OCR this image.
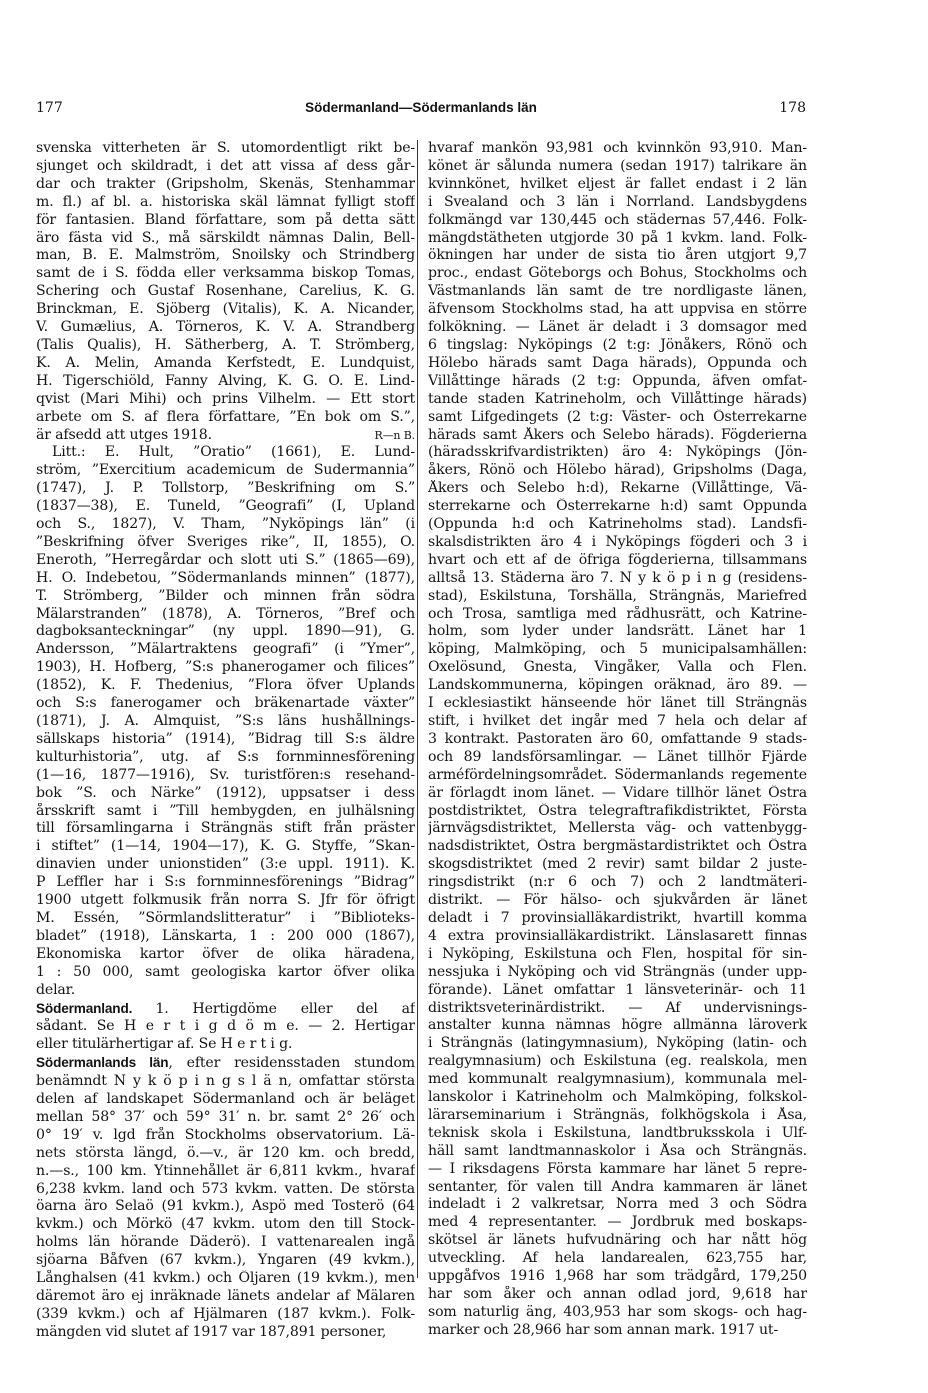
177	Södermanland—Södermanlands län	178
svenska vitterheten är S. utomordentligt rikt be-
sjunget och skildradt, i det att vissa af dess går-
dar och trakter (Gripsholm, Skenäs, Stenhammar
m. fl.) af bl. a. historiska skäl lämnat fylligt stoff
för fantasien. Bland författare, som på detta sätt
äro fästa vid S., må särskildt nämnas Dalin, Bell-
man, B. E. Malmström, Snoilsky och Strindberg
samt de i S. födda eller verksamma biskop Tomas,
Schering och Gustaf Rosenhane, Carelius, K. G.
Brinckman, E. Sjöberg (Vitalis), K. A. Nicander,
V. Gumælius, A. Törneros, K. V. A. Strandberg
(Talis Qualis), H. Sätherberg, A. T. Strömberg,
K. A. Melin, Amanda Kerfstedt, E. Lundquist,
H. Tigerschiöld, Fanny Alving, K. G. O. E. Lind-
qvist (Mari Mihi) och prins Vilhelm. — Ett stort
arbete om S. af flera författare, ”En bok om S.”,
R—n B.
är afsedd att utges 1918.
Litt.: E. Hult, ”Oratio” (1661), E. Lund-
ström, ”Exercitium academicum de Sudermannia”
(1747), J. P. Tollstorp, ”Beskrifning om S.”
(1837—38), E. Tuneld, ”Geografi” (I, Upland
och S., 1827), V. Tham, ”Nyköpings län” (i
”Beskrifning öfver Sveriges rike”, II, 1855), O.
Eneroth, ”Herregårdar och slott uti S.” (1865—69),
H. O. Indebetou, ”Södermanlands minnen” (1877),
T. Strömberg, ”Bilder och minnen från södra
Mälarstranden” (1878), A. Törneros, ”Bref och
dagboksanteckningar” (ny uppl. 1890—91), G.
Andersson, ”Mälartraktens geografi” (i ”Ymer”,
1903), H. Hofberg, ”S:s phanerogamer och filices”
(1852), K. F. Thedenius, ”Flora öfver Uplands
och S:s fanerogamer och bräkenartade växter”
(1871), J. A. Almquist, ”S:s läns hushållnings-
sällskaps historia” (1914), ”Bidrag till S:s äldre
kulturhistoria”, utg. af S:s fornminnesförening
(1—16, 1877—1916), Sv. turistfören:s resehand-
bok ”S. och Närke” (1912), uppsatser i dess
årsskrift samt i ”Till hembygden, en julhälsning
till församlingarna i Strängnäs stift från präster
i stiftet” (1—14, 1904—17), K. G. Styffe, ”Skan-
dinavien under unionstiden” (3:e uppl. 1911). K.
P Leffler har i S:s fornminnesförenings ”Bidrag”
1900 utgett folkmusik från norra S. Jfr för öfrigt
M. Essén, ”Sörmlandslitteratur” i ”Biblioteks-
bladet” (1918), Länskarta, 1 : 200 000 (1867),
Ekonomiska kartor öfver de olika häradena,
1 : 50 000, samt geologiska kartor öfver olika
delar.
Södermanland. 1. Hertigdöme eller del af
sådant. Se H e r t i g d ö m e. — 2. Hertigar
eller titulärhertigar af. Se H e r t i g.
Södermanlands län, efter residensstaden stundom
benämndt N y k ö p i n g s l ä n, omfattar största
delen af landskapet Södermanland och är beläget
mellan 58° 37′ och 59° 31′ n. br. samt 2° 26′ och
0° 19′ v. lgd från Stockholms observatorium. Lä-
nets största längd, ö.—v., är 120 km. och bredd,
n.—s., 100 km. Ytinnehållet är 6,811 kvkm., hvaraf
6,238 kvkm. land och 573 kvkm. vatten. De största
öarna äro Selaö (91 kvkm.), Aspö med Tosterö (64
kvkm.) och Mörkö (47 kvkm. utom den till Stock-
holms län hörande Däderö). I vattenarealen ingå
sjöarna Båfven (67 kvkm.), Yngaren (49 kvkm.),
Långhalsen (41 kvkm.) och Öljaren (19 kvkm.), men
däremot äro ej inräknade länets andelar af Mälaren
(339 kvkm.) och af Hjälmaren (187 kvkm.). Folk-
mängden vid slutet af 1917 var 187,891 personer,
hvaraf mankön 93,981 och kvinnkön 93,910. Man-
könet är sålunda numera (sedan 1917) talrikare än
kvinnkönet, hvilket eljest är fallet endast i 2 län
i Svealand och 3 län i Norrland. Landsbygdens
folkmängd var 130,445 och städernas 57,446. Folk-
mängdstätheten utgjorde 30 på 1 kvkm. land. Folk-
ökningen har under de sista tio åren utgjort 9,7
proc., endast Göteborgs och Bohus, Stockholms och
Västmanlands län samt de tre nordligaste länen,
äfvensom Stockholms stad, ha att uppvisa en större
folkökning. — Länet är deladt i 3 domsagor med
6 tingslag: Nyköpings (2 t:g: Jönåkers, Rönö och
Hölebo härads samt Daga härads), Oppunda och
Villåttinge härads (2 t:g: Oppunda, äfven omfat-
tande staden Katrineholm, och Villåttinge härads)
samt Lifgedingets (2 t:g: Väster- och Österrekarne
härads samt Åkers och Selebo härads). Fögderierna
(häradsskrifvardistrikten) äro 4: Nyköpings (Jön-
åkers, Rönö och Hölebo härad), Gripsholms (Daga,
Åkers och Selebo h:d), Rekarne (Villåttinge, Vä-
sterrekarne och Österrekarne h:d) samt Oppunda
(Oppunda h:d och Katrineholms stad). Landsfi-
skalsdistrikten äro 4 i Nyköpings fögderi och 3 i
hvart och ett af de öfriga fögderierna, tillsammans
alltså 13. Städerna äro 7. N y k ö p i n g (residens-
stad), Eskilstuna, Torshälla, Strängnäs, Mariefred
och Trosa, samtliga med rådhusrätt, och Katrine-
holm, som lyder under landsrätt. Länet har 1
köping, Malmköping, och 5 municipalsamhällen:
Oxelösund, Gnesta, Vingåker, Valla och Flen.
Landskommunerna, köpingen oräknad, äro 89. —
I ecklesiastikt hänseende hör länet till Strängnäs
stift, i hvilket det ingår med 7 hela och delar af
3 kontrakt. Pastoraten äro 60, omfattande 9 stads-
och 89 landsförsamlingar. — Länet tillhör Fjärde
arméfördelningsområdet. Södermanlands regemente
är förlagdt inom länet. — Vidare tillhör länet Östra
postdistriktet, Östra telegraftrafikdistriktet, Första
järnvägsdistriktet, Mellersta väg- och vattenbygg-
nadsdistriktet, Östra bergmästardistriktet och Östra
skogsdistriktet (med 2 revir) samt bildar 2 juste-
ringsdistrikt (n:r 6 och 7) och 2 landtmäteri-
distrikt. — För hälso- och sjukvården är länet
deladt i 7 provinsialläkardistrikt, hvartill komma
4 extra provinsialläkardistrikt. Länslasarett finnas
i Nyköping, Eskilstuna och Flen, hospital för sin-
nessjuka i Nyköping och vid Strängnäs (under upp-
förande). Länet omfattar 1 länsveterinär- och 11
distriktsveterinärdistrikt. — Af undervisnings-
anstalter kunna nämnas högre allmänna läroverk
i Strängnäs (latingymnasium), Nyköping (latin- och
realgymnasium) och Eskilstuna (eg. realskola, men
med kommunalt realgymnasium), kommunala mel-
lanskolor i Katrineholm och Malmköping, folkskol-
lärarseminarium i Strängnäs, folkhögskola i Åsa,
teknisk skola i Eskilstuna, landtbruksskola i Ulf-
häll samt landtmannaskolor i Åsa och Strängnäs.
— I riksdagens Första kammare har länet 5 repre-
sentanter, för valen till Andra kammaren är länet
indeladt i 2 valkretsar, Norra med 3 och Södra
med 4 representanter. — Jordbruk med boskaps-
skötsel är länets hufvudnäring och har nått hög
utveckling. Af hela landarealen, 623,755 har,
uppgåfvos 1916 1,968 har som trädgård, 179,250
har som åker och annan odlad jord, 9,618 har
som naturlig äng, 403,953 har som skogs- och hag-
marker och 28,966 har som annan mark. 1917 ut-
